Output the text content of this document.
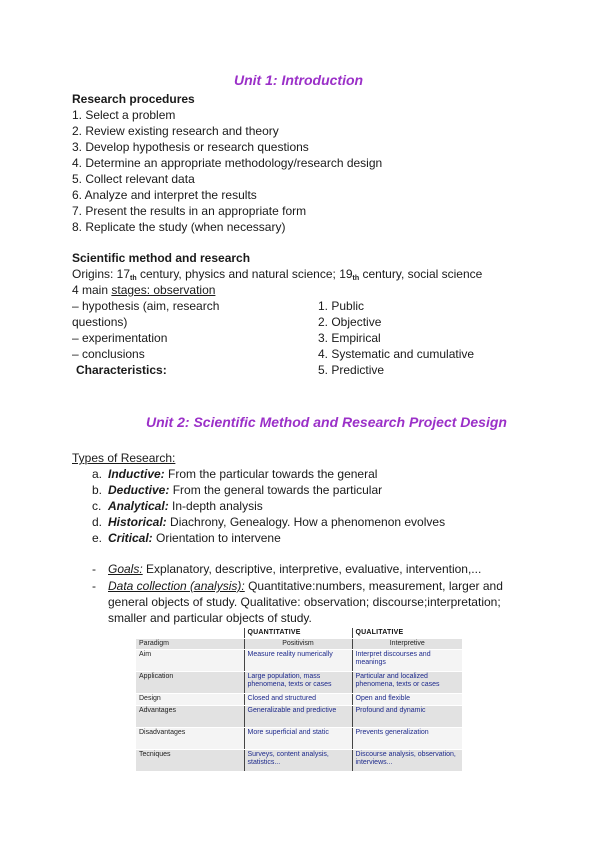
Unit 1: Introduction
Research procedures
1. Select a problem
2. Review existing research and theory
3. Develop hypothesis or research questions
4. Determine an appropriate methodology/research design
5. Collect relevant data
6. Analyze and interpret the results
7. Present the results in an appropriate form
8. Replicate the study (when necessary)
Scientific method and research
Origins: $17_{th}$ century, physics and natural science; $19_{th}$ century, social science
4 main stages: observation
– hypothesis (aim, research
questions)
– experimentation
– conclusions
Characteristics:
1. Public
2. Objective
3. Empirical
4. Systematic and cumulative
5. Predictive
Unit 2: Scientific Method and Research Project Design
Types of Research:
a. Inductive: From the particular towards the general
b. Deductive: From the general towards the particular
c. Analytical: In-depth analysis
d. Historical: Diachrony, Genealogy. How a phenomenon evolves
e. Critical: Orientation to intervene
- Goals: Explanatory, descriptive, interpretive, evaluative, intervention,...
- Data collection (analysis): Quantitative:numbers, measurement, larger and
general objects of study. Qualitative: observation; discourse;interpretation;
smaller and particular objects of study.
	QUANTITATIVE	QUALITATIVE
Paradigm	Positivism	Interpretive
Aim	Measure reality numerically	Interpret discourses and meanings
Application	Large population, mass phenomena, texts or cases	Particular and localized phenomena, texts or cases
Design	Closed and structured	Open and flexible
Advantages	Generalizable and predictive	Profound and dynamic
Disadvantages	More superficial and static	Prevents generalization
Tecniques	Surveys, content analysis, statistics...	Discourse analysis, observation, interviews...
